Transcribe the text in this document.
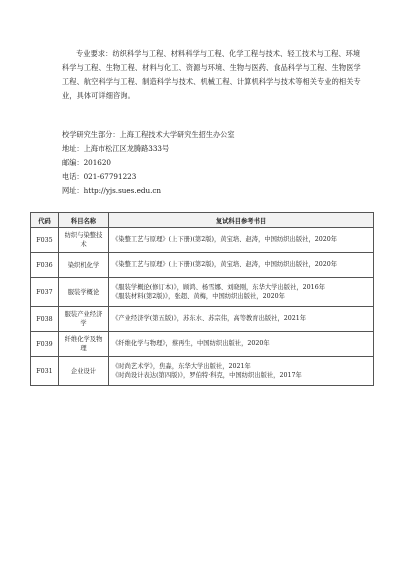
专业要求：纺织科学与工程、材料科学与工程、化学工程与技术、轻工技术与工程、环境科学与工程、生物工程、材料与化工、资源与环境、生物与医药、食品科学与工程、生物医学工程、航空科学与工程、制造科学与技术、机械工程、计算机科学与技术等相关专业的相关专业，具体可详细咨询。
校学研究生部分：上海工程技术大学研究生招生办公室
地址：上海市松江区龙腾路333号
邮编：201620
电话：021-67791223
网址：http://yjs.sues.edu.cn
代码	科目名称	复试科目参考书目
F035	纺织与染整技术	《染整工艺与原理》(上下册)(第2版)，黄宝培、赵涛，中国纺织出版社，2020年

F036	染织机化学	《染整工艺与原理》(上下册)(第2版)，黄宝培、赵涛，中国纺织出版社，2020年

F037	服装学概论	《服装学概论(修订本)》，顾鸿、杨雪娜、刘晓刚，东华大学出版社，2016年
《服装材料(第2版)》，张超、黄梅，中国纺织出版社，2020年

F038	服装产业经济学	《产业经济学(第五版)》，苏东水、苏宗伟，高等教育出版社，2021年

F039	纤维化学及物理	《纤维化学与物理》，蔡再生，中国纺织出版社，2020年

F031	企业设计	《时尚艺术学》，焦淼，东华大学出版社，2021年
《时尚设计表达(第四版)》，罗伯特·科克，中国纺织出版社，2017年
